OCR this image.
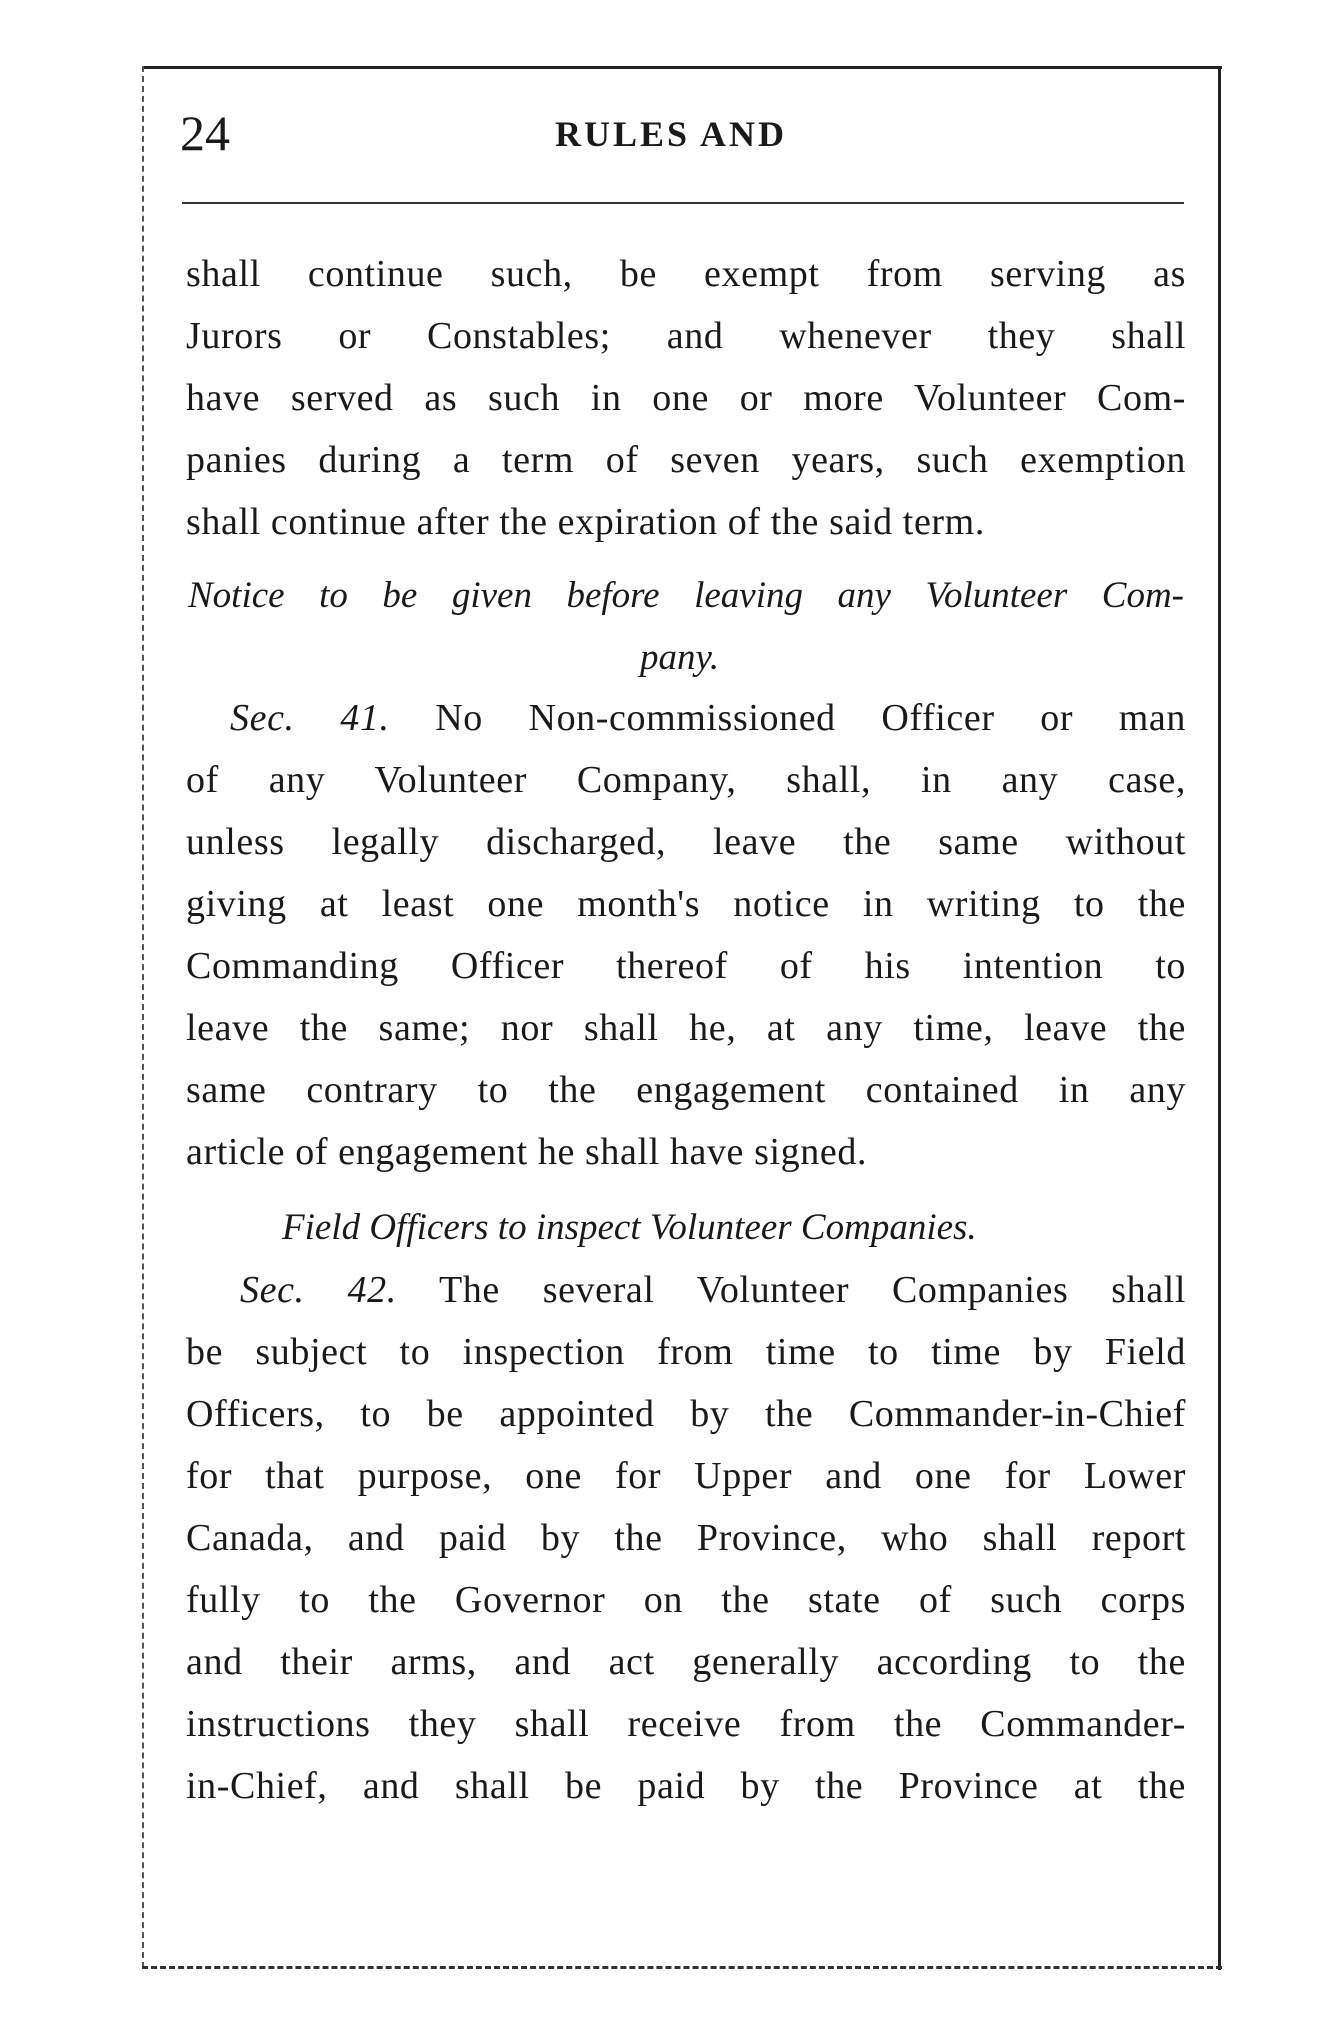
24	RULES AND
shall continue such, be exempt from serving as
Jurors or Constables; and whenever they shall
have served as such in one or more Volunteer Com-
panies during a term of seven years, such exemption
shall continue after the expiration of the said term.
Notice to be given before leaving any Volunteer Com-
pany.
Sec. 41. No Non-commissioned Officer or man
of any Volunteer Company, shall, in any case,
unless legally discharged, leave the same without
giving at least one month's notice in writing to the
Commanding Officer thereof of his intention to
leave the same; nor shall he, at any time, leave the
same contrary to the engagement contained in any
article of engagement he shall have signed.
Field Officers to inspect Volunteer Companies.
Sec. 42. The several Volunteer Companies shall
be subject to inspection from time to time by Field
Officers, to be appointed by the Commander-in-Chief
for that purpose, one for Upper and one for Lower
Canada, and paid by the Province, who shall report
fully to the Governor on the state of such corps
and their arms, and act generally according to the
instructions they shall receive from the Commander-
in-Chief, and shall be paid by the Province at the
